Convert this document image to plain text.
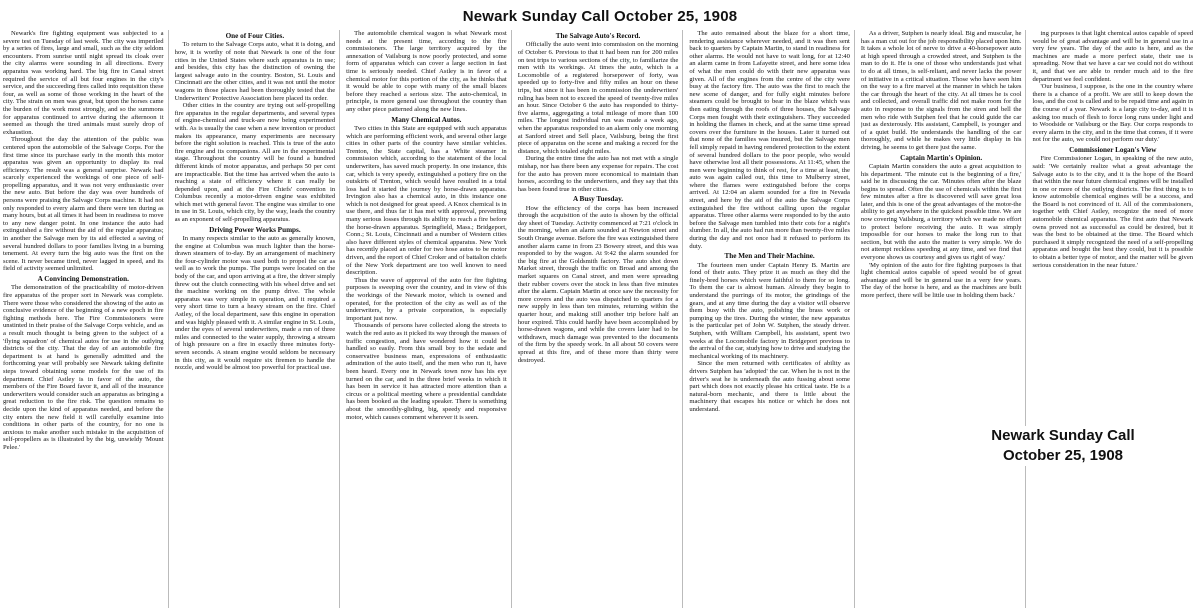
Newark Sunday Call October 25, 1908

Newark's fire fighting equipment was subjected to a severe test on Tuesday of last week. The city was imperiled by a series of fires, large and small, such as the city seldom encounters. From sunrise until night spread its cloak over the city alarms were sounding in all directions. Every apparatus was working hard. The big fire in Canal street required the service of all but four engines in the city's service, and the succeeding fires called into requisition these four, as well as some of those working in the heart of the city. The strain on men was great, but upon the horses came the burden of the work most strongly, and so the summons for apparatus continued to arrive during the afternoon it seemed as though the tired animals must surely drop of exhaustion.

Throughout the day the attention of the public was centered upon the automobile of the Salvage Corps. For the first time since its purchase early in the month this motor apparatus was given an opportunity to display its real efficiency. The result was a general surprise. Newark had scarcely experienced the workings of one piece of self-propelling apparatus, and it was not very enthusiastic over the new auto. But before the day was over hundreds of persons were praising the Salvage Corps machine. It had not only responded to every alarm and there were ten during as many hours, but at all times it had been in readiness to move to any new danger point. In one instance the auto had extinguished a fire without the aid of the regular apparatus; in another the Salvage men by its aid effected a saving of several hundred dollars to poor families living in a burning tenement. At every turn the big auto was the first on the scene. It never became tired, never lagged in speed, and its field of activity seemed unlimited.

A Convincing Demonstration.

The demonstration of the practicability of motor-driven fire apparatus of the proper sort in Newark was complete. There were those who considered the showing of the auto as conclusive evidence of the beginning of a new epoch in fire fighting methods here. The Fire Commissioners were unstinted in their praise of the Salvage Corps vehicle, and as a result much thought is being given to the subject of a 'flying squadron' of chemical autos for use in the outlying districts of the city. That the day of an automobile fire department is at hand is generally admitted and the forthcoming year will probably see Newark taking definite steps toward obtaining some models for the use of its department. Chief Astley is in favor of the auto, the members of the Fire Board favor it, and all of the insurance underwriters would consider such an apparatus as bringing a great reduction to the fire risk. The question remains to decide upon the kind of apparatus needed, and before the city enters the new field it will carefully examine into conditions in other parts of the country, for no one is anxious to make another such mistake in the acquisition of self-propellers as is illustrated by the big, unwieldy 'Mount Pelee.'

One of Four Cities.

To return to the Salvage Corps auto, what it is doing, and how, it is worthy of note that Newark is one of the four cities in the United States where such apparatus is in use; and besides, this city has the distinction of owning the largest salvage auto in the country. Boston, St. Louis and Cincinnati are the other cities, and it was not until the motor wagons in those places had been thoroughly tested that the Underwriters' Protective Association here placed its order.

Other cities in the country are trying out self-propelling fire apparatus in the regular departments, and several types of engine-chemical and truck-are now being experimented with. As is usually the case when a new invention or product makes its appearance, many experiments are necessary before the right solution is reached. This is true of the auto fire engine and its companions. All are in the experimental stage. Throughout the country will be found a hundred different kinds of motor apparatus, and perhaps 50 per cent are impracticable. But the time has arrived when the auto is reaching a state of efficiency where it can really be depended upon, and at the Fire Chiefs' convention in Columbus recently a motor-driven engine was exhibited which met with general favor. The engine was similar to one in use in St. Louis, which city, by the way, leads the country as an exponent of self-propelling apparatus.

Driving Power Works Pumps.

In many respects similar to the auto as generally known, the engine at Columbus was much lighter than the horse-drawn steamers of to-day. By an arrangement of machinery the four-cylinder motor was used both to propel the car as well as to work the pumps. The pumps were located on the body of the car, and upon arriving at a fire, the driver simply threw out the clutch connecting with his wheel drive and set the machine working on the pump drive. The whole apparatus was very simple in operation, and it required a very short time to turn a heavy stream on the fire. Chief Astley, of the local department, saw this engine in operation and was highly pleased with it. A similar engine in St. Louis, under the eyes of several underwriters, made a run of three miles and connected to the water supply, throwing a stream of high pressure on a fire in exactly three minutes forty-seven seconds. A steam engine would seldom be necessary in this city, as it would require six firemen to handle the nozzle, and would be almost too powerful for practical use.

The automobile chemical wagon is what Newark most needs at the present time, according to the fire commissioners. The large territory acquired by the annexation of Vailsburg is now poorly protected, and some form of apparatus which can cover a large section in fast time is seriously needed. Chief Astley is in favor of a chemical motor for this portion of the city, as he thinks that it would be able to cope with many of the small blazes before they reached a serious size. The auto-chemical, in principle, is more general use throughout the country than any other piece patterned along the new lines.

Many Chemical Autos.

Two cities in this State are equipped with such apparatus which are performing efficient work, and several other large cities in other parts of the country have similar vehicles. Trenton, the State capital, has a White steamer in commission which, according to the statement of the local underwriters, has saved much property. In one instance, this car, which is very speedy, extinguished a pottery fire on the outskirts of Trenton, which would have resulted in a total loss had it started the journey by horse-drawn apparatus. Irvington also has a chemical auto, in this instance one which is not designed for great speed. A Knox chemical is in use there, and thus far it has met with approval, preventing many serious losses through its ability to reach a fire before the horse-drawn apparatus. Springfield, Mass.; Bridgeport, Conn.; St. Louis, Cincinnati and a number of Western cities also have different styles of chemical apparatus. New York has recently placed an order for two hose autos to be motor driven, and the report of Chief Croker and of battalion chiefs of the New York department are too well known to need description.

Thus the wave of approval of the auto for fire fighting purposes is sweeping over the country, and in view of this the workings of the Newark motor, which is owned and operated, for the protection of the city as well as of the underwriters, by a private corporation, is especially important just now.

Thousands of persons have collected along the streets to watch the red auto as it picked its way through the masses of traffic congestion, and have wondered how it could be handled so easily. From this small boy to the sedate and conservative business man, expressions of enthusiastic admiration of the auto itself, and the men who run it, have been heard. Every one in Newark town now has his eye turned on the car, and in the three brief weeks in which it has been in service it has attracted more attention than a circus or a political meeting where a presidential candidate has been booked as the leading speaker. There is something about the smoothly-gliding, big, speedy and responsive motor, which causes comment wherever it is seen.

The Salvage Auto's Record.

Officially the auto went into commission on the morning of October 6. Previous to that it had been run for 200 miles on test trips to various sections of the city, to familiarize the men with its workings. At times the auto, which is a Locomobile of a registered horsepower of forty, was speeded up to forty-five and fifty miles an hour on these trips, but since it has been in commission the underwriters' ruling has been not to exceed the speed of twenty-five miles an hour. Since October 6 the auto has responded to thirty-five alarms, aggregating a total mileage of more than 100 miles. The longest individual run was made a week ago, when the apparatus responded to an alarm only one morning at Sanford street and Sell place, Vailsburg, being the first piece of apparatus on the scene and making a record for the distance, which totaled eight miles.

During the entire time the auto has not met with a single mishap, nor has there been any expense for repairs. The cost for the auto has proven more economical to maintain than horses, according to the underwriters, and they say that this has been found true in other cities.

A Busy Tuesday.

How the efficiency of the corps has been increased through the acquisition of the auto is shown by the official day sheet of Tuesday. Activity commenced at 7:21 o'clock in the morning, when an alarm sounded at Newton street and South Orange avenue. Before the fire was extinguished there another alarm came in from 23 Bowery street, and this was responded to by the wagon. At 9:42 the alarm sounded for the big fire at the Goldsmith factory. The auto shot down Market street, through the traffic on Broad and among the market squares on Canal street, and men were spreading their rubber covers over the stock in less than five minutes after the alarm. Captain Martin at once saw the necessity for more covers and the auto was dispatched to quarters for a new supply in less than ten minutes, returning within the quarter hour, and making still another trip before half an hour expired. This could hardly have been accomplished by horse-drawn wagons, and while the covers later had to be withdrawn, much damage was prevented to the documents of the firm by the speedy work. In all about 50 covers were spread at this fire, and of these more than thirty were destroyed.

The auto remained about the blaze for a short time, rendering assistance wherever needed, and it was then sent back to quarters by Captain Martin, to stand in readiness for other alarms. He would not have to wait long, for at 12:40 an alarm came in from Lafayette street, and here some idea of what the men could do with their new apparatus was given. All of the engines from the centre of the city were busy at the factory fire. The auto was the first to reach the new scene of danger, and for fully eight minutes before steamers could be brought to bear in the blaze which was then eating through the roofs of three houses, the Salvage Corps men fought with their extinguishers. They succeeded in holding the flames in check, and at the same time spread covers over the furniture in the houses. Later it turned out that none of the families was insured, but the Salvage men fell simply repaid in having rendered protection to the extent of several hundred dollars to the poor people, who would have otherwise lost all their possessions. At 11:45, when the men were beginning to think of rest, for a time at least, the auto was again called out, this time to Mulberry street, where the flames were extinguished before the corps arrived. At 12:04 an alarm sounded for a fire in Nevada street, and here by the aid of the auto the Salvage Corps extinguished the fire without calling upon the regular apparatus. Three other alarms were responded to by the auto before the Salvage men tumbled into their cots for a night's slumber. In all, the auto had run more than twenty-five miles during the day and not once had it refused to perform its duty.

The Men and Their Machine.

The fourteen men under Captain Henry B. Martin are fond of their auto. They prize it as much as they did the finely-bred horses which were faithful to them for so long. To them the car is almost human. Already they begin to understand the purrings of its motor, the grindings of the gears, and at any time during the day a visitor will observe them busy with the auto, polishing the brass work or pumping up the tires. During the winter, the new apparatus is the particular pet of John W. Sutphen, the steady driver. Sutphen, with William Campbell, his assistant, spent two weeks at the Locomobile factory in Bridgeport previous to the arrival of the car, studying how to drive and studying the mechanical working of its machinery.

Since the men returned with certificates of ability as drivers Sutphen has 'adopted' the car. When he is not in the driver's seat he is underneath the auto fussing about some part which does not exactly please his critical taste. He is a natural-born mechanic, and there is little about the machinery that escapes his notice or which he does not understand.

As a driver, Sutphen is nearly ideal. Big and muscular, he has a man cut out for the job responsibility placed upon him. It takes a whole lot of nerve to drive a 40-horsepower auto at high speed through a crowded street, and Sutphen is the man to do it. He is one of those who understands just what to do at all times, is self-reliant, and never lacks the power of initiative in a critical situation. Those who have seen him on the way to a fire marvel at the manner in which he takes the car through the heart of the city. At all times he is cool and collected, and overall traffic did not make room for the auto in response to the signals from the siren and bell the men who ride with Sutphen feel that he could guide the car just as dexterously. His assistant, Campbell, is younger and of a quiet build. He understands the handling of the car thoroughly, and while he makes very little display in his driving, he seems to get there just the same.

Captain Martin's Opinion.

Captain Martin considers the auto a great acquisition to his department. 'The minute cut is the beginning of a fire,' said he in discussing the car. 'Minutes often after the blaze begins to spread. Often the use of chemicals within the first few minutes after a fire is discovered will save great loss later, and this is one of the great advantages of the motor-the ability to get anywhere in the quickest possible time. We are now covering Vailsburg, a territory which we made no effort to protect before receiving the auto. It was simply impossible for our horses to make the long run to that section, but with the auto the matter is very simple. We do not attempt reckless speeding at any time, and we find that everyone shows us courtesy and gives us right of way.'

'My opinion of the auto for fire fighting purposes is that light chemical autos capable of speed would be of great advantage and will be in general use in a very few years. The day of the horse is here, and as the machines are built more perfect, there will be little use in holding them back.'

ing purposes is that light chemical autos capable of speed would be of great advantage and will be in general use in a very few years. The day of the auto is here, and as the machines are made a more perfect state, their use is spreading. Now that we have a car we could not do without it, and that we are able to render much aid to the fire department we feel confident.

'Our business, I suppose, is the one in the country where there is a chance of a profit. We are still to keep down the loss, and the cost is called and to be repaid time and again in the course of a year. Newark is a large city to-day, and it is asking too much of flesh to force long runs under light and to Woodside or Vailsburg or the Bay. Our corps responds to every alarm in the city, and in the time that comes, if it were not for the auto, we could not perform our duty.'

Commissioner Logan's View

Fire Commissioner Logan, in speaking of the new auto, said: 'We certainly realize what a great advantage the Salvage auto is to the city, and it is the hope of the Board that within the near future chemical engines will be installed in one or more of the outlying districts. The first thing is to know automobile chemical engines will be a success, and the Board is not convinced of it. All of the commissioners, together with Chief Astley, recognize the need of more automobile chemical apparatus. The first auto that Newark owns proved not as successful as could be desired, but it was the best to be obtained at the time. The Board which purchased it simply recognized the need of a self-propelling apparatus and bought the best they could, but it is possible to obtain a better type of motor, and the matter will be given serious consideration in the near future.'

Newark Sunday Call
October 25, 1908
